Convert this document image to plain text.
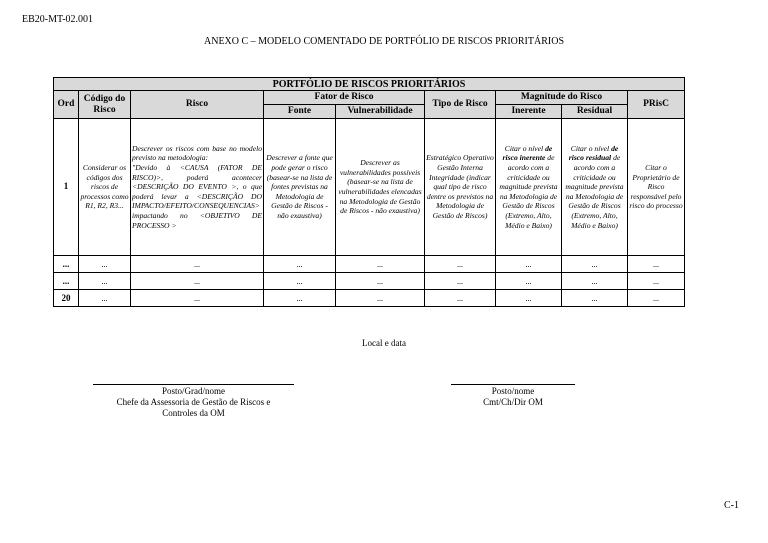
EB20-MT-02.001
ANEXO C – MODELO COMENTADO DE PORTFÓLIO DE RISCOS PRIORITÁRIOS
PORTFÓLIO DE RISCOS PRIORITÁRIOS								
Ord	Código do Risco	Risco	Fator de Risco		Tipo de Risco	Magnitude do Risco		PRisC
			Fonte	Vulnerabilidade		Inerente	Residual	
1	Considerar os códigos dos riscos de processos como R1, R2, R3...	Descrever os riscos com base no modelo previsto na metodologia:
"Devido à <CAUSA (FATOR DE RISCO)>, poderá acontecer <DESCRIÇÃO DO EVENTO >, o que poderá levar a <DESCRIÇÃO DO IMPACTO/EFEITO/CONSEQUENCIAS> impactando no <OBJETIVO DE PROCESSO >	Descrever a fonte que pode gerar o risco (basear-se na lista de fontes previstas na Metodologia de Gestão de Riscos - não exaustiva)	Descrever as vulnerabilidades possíveis (basear-se na lista de vulnerabilidades elencadas na Metodologia de Gestão de Riscos - não exaustiva)	Estratégico Operativo Gestão Interna Integridade (indicar qual tipo de risco dentre os previstos na Metodologia de Gestão de Riscos)	Citar o nível de risco inerente de acordo com a criticidade ou magnitude prevista na Metodologia de Gestão de Riscos (Extremo, Alto, Médio e Baixo)	Citar o nível de risco residual de acordo com a criticidade ou magnitude prevista na Metodologia de Gestão de Riscos (Extremo, Alto, Médio e Baixo)	Citar o Proprietário de Risco responsável pelo risco do processo
...	...	...	...	...	...	...	...	...
...	...	...	...	...	...	...	...	...
20	...	...	...	...	...	...	...	...
Local e data
Posto/Grad/nome
Chefe da Assessoria de Gestão de Riscos e
Controles da OM
Posto/nome
Cmt/Ch/Dir OM
C-1
